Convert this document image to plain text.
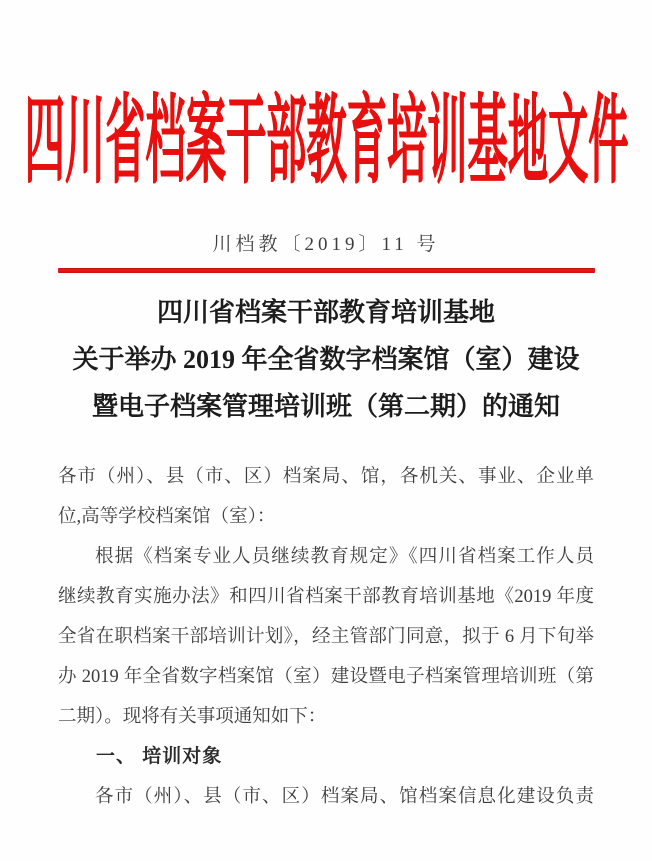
四川省档案干部教育培训基地文件
川档教〔2019〕11 号
四川省档案干部教育培训基地
关于举办 2019 年全省数字档案馆（室）建设
暨电子档案管理培训班（第二期）的通知
各市（州）、县（市、区）档案局、馆，各机关、事业、企业单
位,高等学校档案馆（室）：
根据《档案专业人员继续教育规定》《四川省档案工作人员
继续教育实施办法》和四川省档案干部教育培训基地《2019 年度
全省在职档案干部培训计划》，经主管部门同意，拟于 6 月下旬举
办 2019 年全省数字档案馆（室）建设暨电子档案管理培训班（第
二期）。现将有关事项通知如下：
一、 培训对象
各市（州）、县（市、区）档案局、馆档案信息化建设负责
